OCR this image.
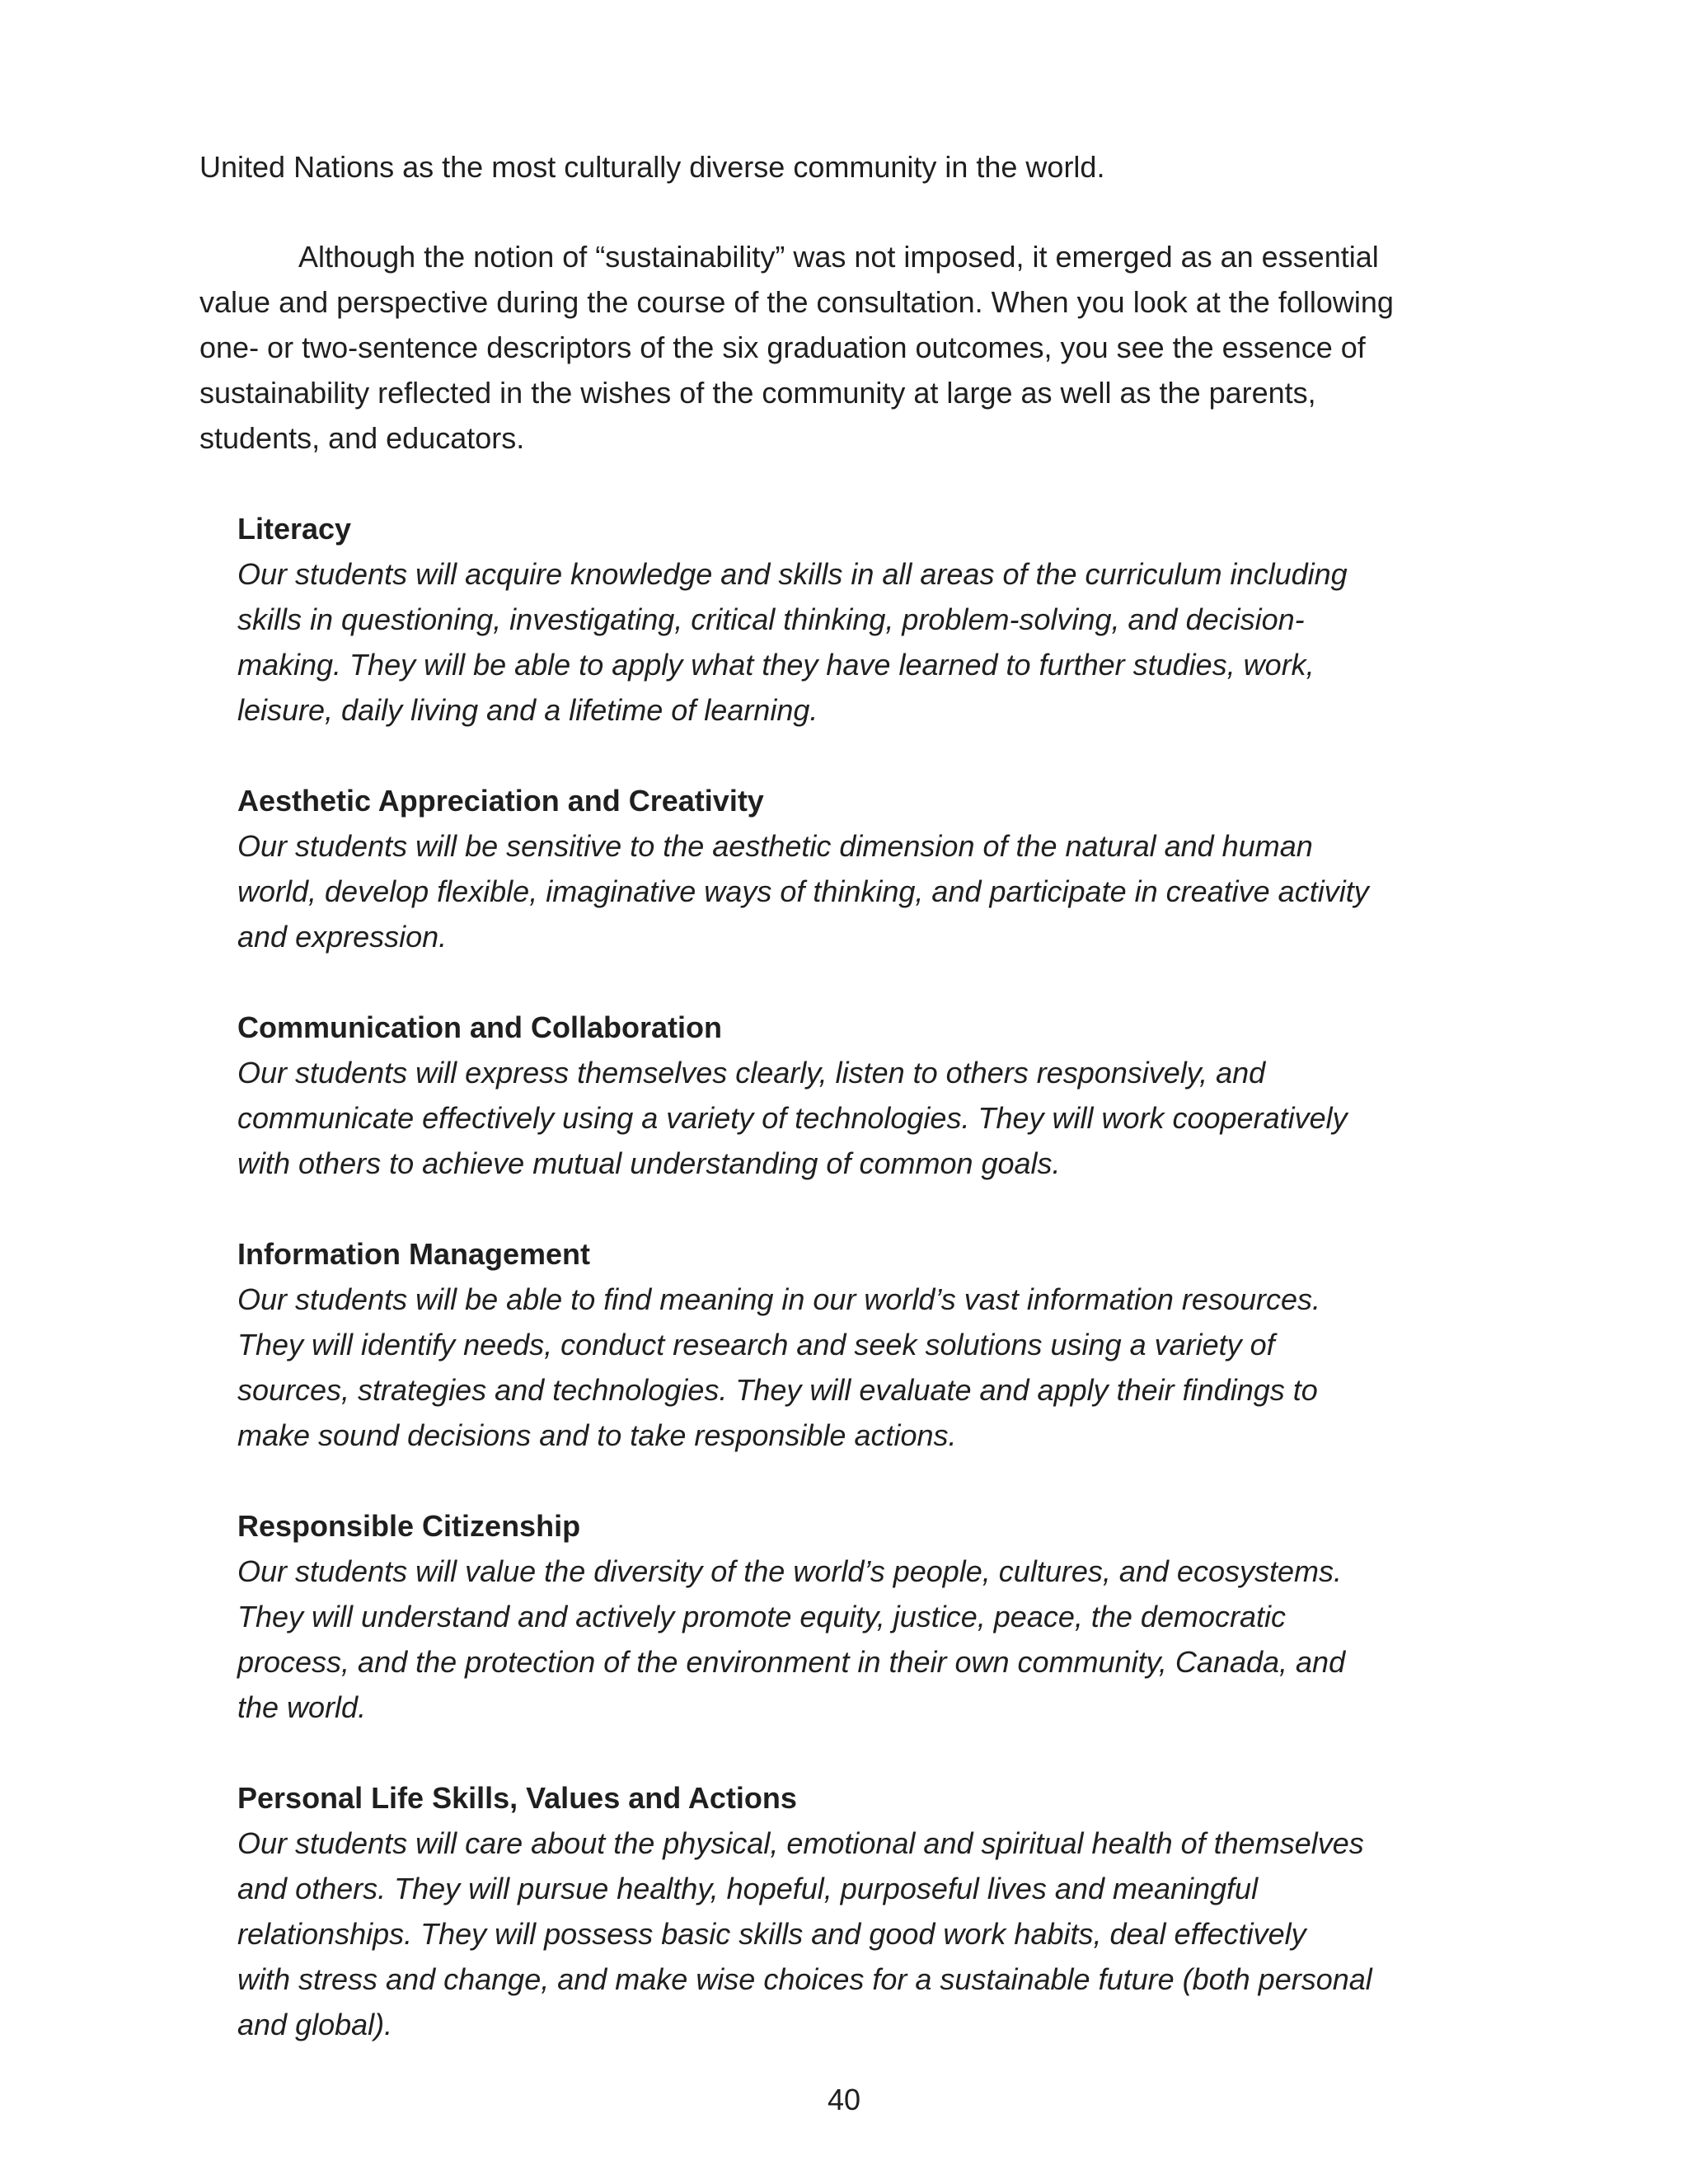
United Nations as the most culturally diverse community in the world.
Although the notion of “sustainability” was not imposed, it emerged as an essential
value and perspective during the course of the consultation. When you look at the following
one- or two-sentence descriptors of the six graduation outcomes, you see the essence of
sustainability reflected in the wishes of the community at large as well as the parents,
students, and educators.
Literacy
Our students will acquire knowledge and skills in all areas of the curriculum including
skills in questioning, investigating, critical thinking, problem-solving, and decision-
making. They will be able to apply what they have learned to further studies, work,
leisure, daily living and a lifetime of learning.
Aesthetic Appreciation and Creativity
Our students will be sensitive to the aesthetic dimension of the natural and human
world, develop flexible, imaginative ways of thinking, and participate in creative activity
and expression.
Communication and Collaboration
Our students will express themselves clearly, listen to others responsively, and
communicate effectively using a variety of technologies. They will work cooperatively
with others to achieve mutual understanding of common goals.
Information Management
Our students will be able to find meaning in our world’s vast information resources.
They will identify needs, conduct research and seek solutions using a variety of
sources, strategies and technologies. They will evaluate and apply their findings to
make sound decisions and to take responsible actions.
Responsible Citizenship
Our students will value the diversity of the world’s people, cultures, and ecosystems.
They will understand and actively promote equity, justice, peace, the democratic
process, and the protection of the environment in their own community, Canada, and
the world.
Personal Life Skills, Values and Actions
Our students will care about the physical, emotional and spiritual health of themselves
and others. They will pursue healthy, hopeful, purposeful lives and meaningful
relationships. They will possess basic skills and good work habits, deal effectively
with stress and change, and make wise choices for a sustainable future (both personal
and global).
40
